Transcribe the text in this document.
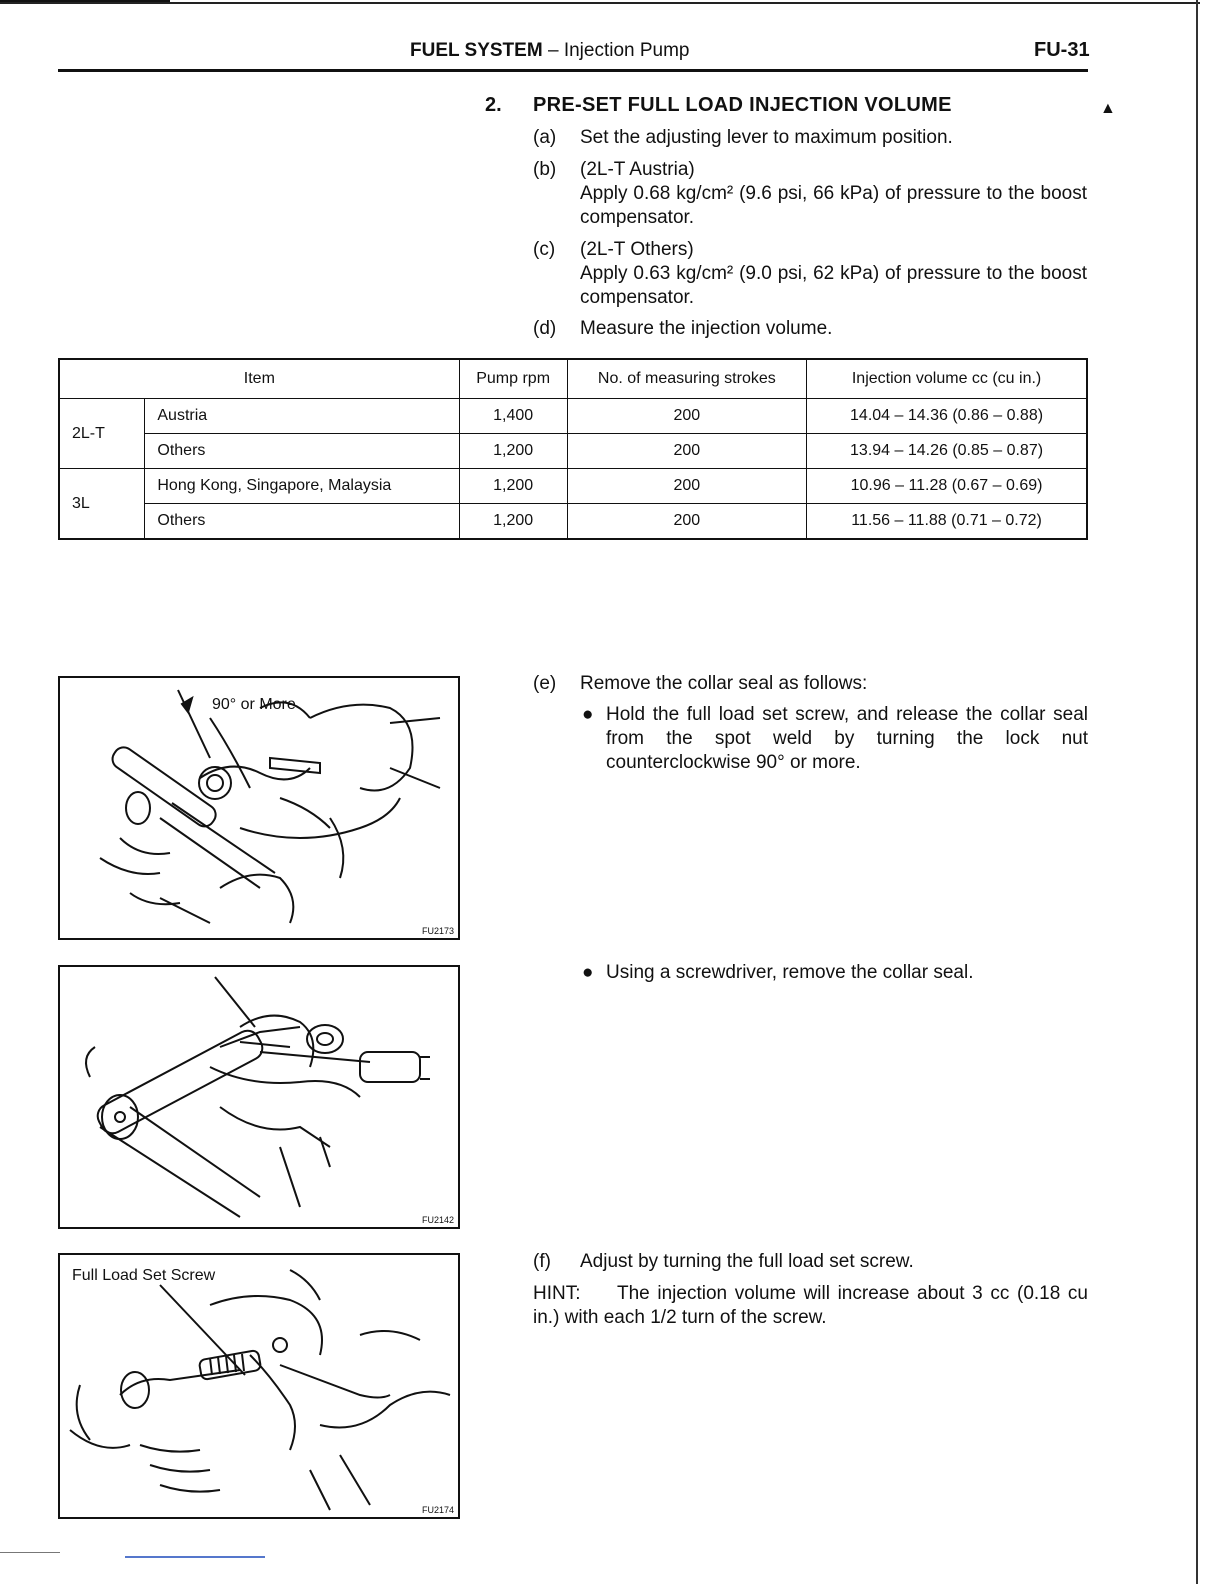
FUEL SYSTEM – Injection Pump	FU-31
▲
2. PRE-SET FULL LOAD INJECTION VOLUME
(a)	Set the adjusting lever to maximum position.
(b)	(2L-T Austria)
Apply 0.68 kg/cm² (9.6 psi, 66 kPa) of pressure to the boost compensator.
(c)	(2L-T Others)
Apply 0.63 kg/cm² (9.0 psi, 62 kPa) of pressure to the boost compensator.
(d)	Measure the injection volume.
Item		Pump rpm	No. of measuring strokes	Injection volume cc (cu in.)
2L-T	Austria	1,400	200	14.04 – 14.36 (0.86 – 0.88)
	Others	1,200	200	13.94 – 14.26 (0.85 – 0.87)
3L	Hong Kong, Singapore, Malaysia	1,200	200	10.96 – 11.28 (0.67 – 0.69)
	Others	1,200	200	11.56 – 11.88 (0.71 – 0.72)
90° or More
FU2173
FU2142
Full Load Set Screw
FU2174
(e)	Remove the collar seal as follows:
● Hold the full load set screw, and release the collar seal from the spot weld by turning the lock nut counterclockwise 90° or more.
● Using a screwdriver, remove the collar seal.
(f)	Adjust by turning the full load set screw.
HINT:	The injection volume will increase about 3 cc (0.18 cu in.) with each 1/2 turn of the screw.
